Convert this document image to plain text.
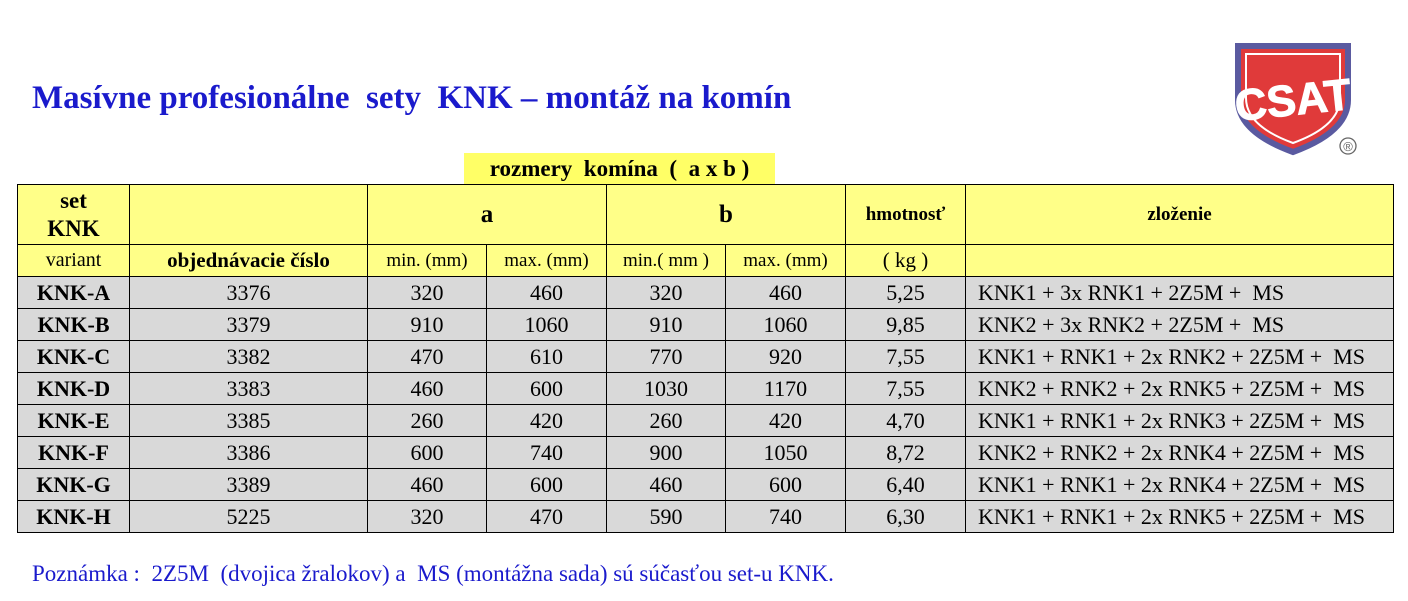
Masívne profesionálne  sety  KNK – montáž na komín	CSAT
®
rozmery  komína  (  a x b )
set
KNK		a		b		hmotnosť	zloženie
variant	objednávacie číslo	min. (mm)	max. (mm)	min.( mm )	max. (mm)	( kg )	
KNK-A	3376	320	460	320	460	5,25	KNK1 + 3x RNK1 + 2Z5M +  MS
KNK-B	3379	910	1060	910	1060	9,85	KNK2 + 3x RNK2 + 2Z5M +  MS
KNK-C	3382	470	610	770	920	7,55	KNK1 + RNK1 + 2x RNK2 + 2Z5M +  MS
KNK-D	3383	460	600	1030	1170	7,55	KNK2 + RNK2 + 2x RNK5 + 2Z5M +  MS
KNK-E	3385	260	420	260	420	4,70	KNK1 + RNK1 + 2x RNK3 + 2Z5M +  MS
KNK-F	3386	600	740	900	1050	8,72	KNK2 + RNK2 + 2x RNK4 + 2Z5M +  MS
KNK-G	3389	460	600	460	600	6,40	KNK1 + RNK1 + 2x RNK4 + 2Z5M +  MS
KNK-H	5225	320	470	590	740	6,30	KNK1 + RNK1 + 2x RNK5 + 2Z5M +  MS

Poznámka :  2Z5M  (dvojica žralokov) a  MS (montážna sada) sú súčasťou set-u KNK.
